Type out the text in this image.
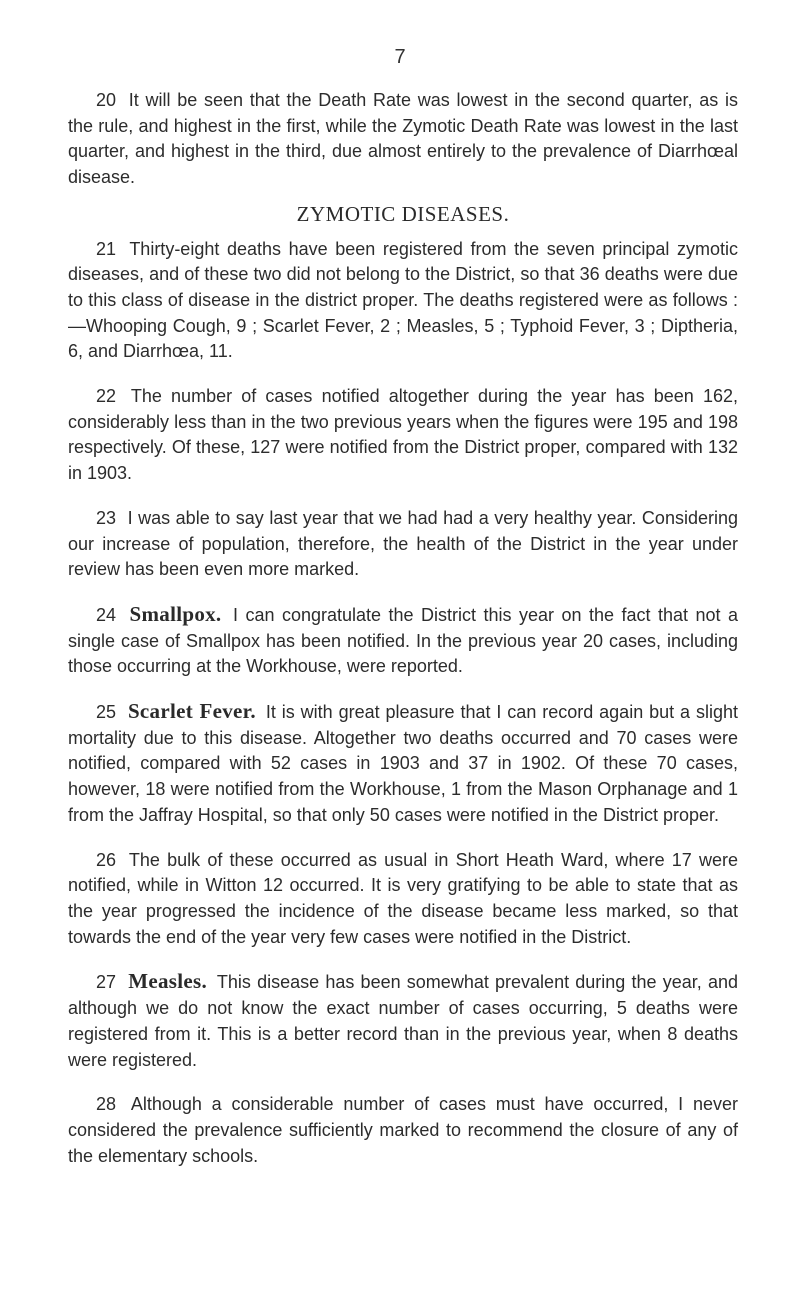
7

20 It will be seen that the Death Rate was lowest in the second quarter, as is the rule, and highest in the first, while the Zymotic Death Rate was lowest in the last quarter, and highest in the third, due almost entirely to the prevalence of Diarrhœal disease.

ZYMOTIC DISEASES.

21 Thirty-eight deaths have been registered from the seven principal zymotic diseases, and of these two did not belong to the District, so that 36 deaths were due to this class of disease in the district proper. The deaths registered were as follows :—Whooping Cough, 9 ; Scarlet Fever, 2 ; Measles, 5 ; Typhoid Fever, 3 ; Diptheria, 6, and Diarrhœa, 11.

22 The number of cases notified altogether during the year has been 162, considerably less than in the two previous years when the figures were 195 and 198 respectively. Of these, 127 were notified from the District proper, compared with 132 in 1903.

23 I was able to say last year that we had had a very healthy year. Considering our increase of population, therefore, the health of the District in the year under review has been even more marked.

24 Smallpox. I can congratulate the District this year on the fact that not a single case of Smallpox has been notified. In the previous year 20 cases, including those occurring at the Workhouse, were reported.

25 Scarlet Fever. It is with great pleasure that I can record again but a slight mortality due to this disease. Altogether two deaths occurred and 70 cases were notified, compared with 52 cases in 1903 and 37 in 1902. Of these 70 cases, however, 18 were notified from the Workhouse, 1 from the Mason Orphanage and 1 from the Jaffray Hospital, so that only 50 cases were notified in the District proper.

26 The bulk of these occurred as usual in Short Heath Ward, where 17 were notified, while in Witton 12 occurred. It is very gratifying to be able to state that as the year progressed the incidence of the disease became less marked, so that towards the end of the year very few cases were notified in the District.

27 Measles. This disease has been somewhat prevalent during the year, and although we do not know the exact number of cases occurring, 5 deaths were registered from it. This is a better record than in the previous year, when 8 deaths were registered.

28 Although a considerable number of cases must have occurred, I never considered the prevalence sufficiently marked to recommend the closure of any of the elementary schools.
